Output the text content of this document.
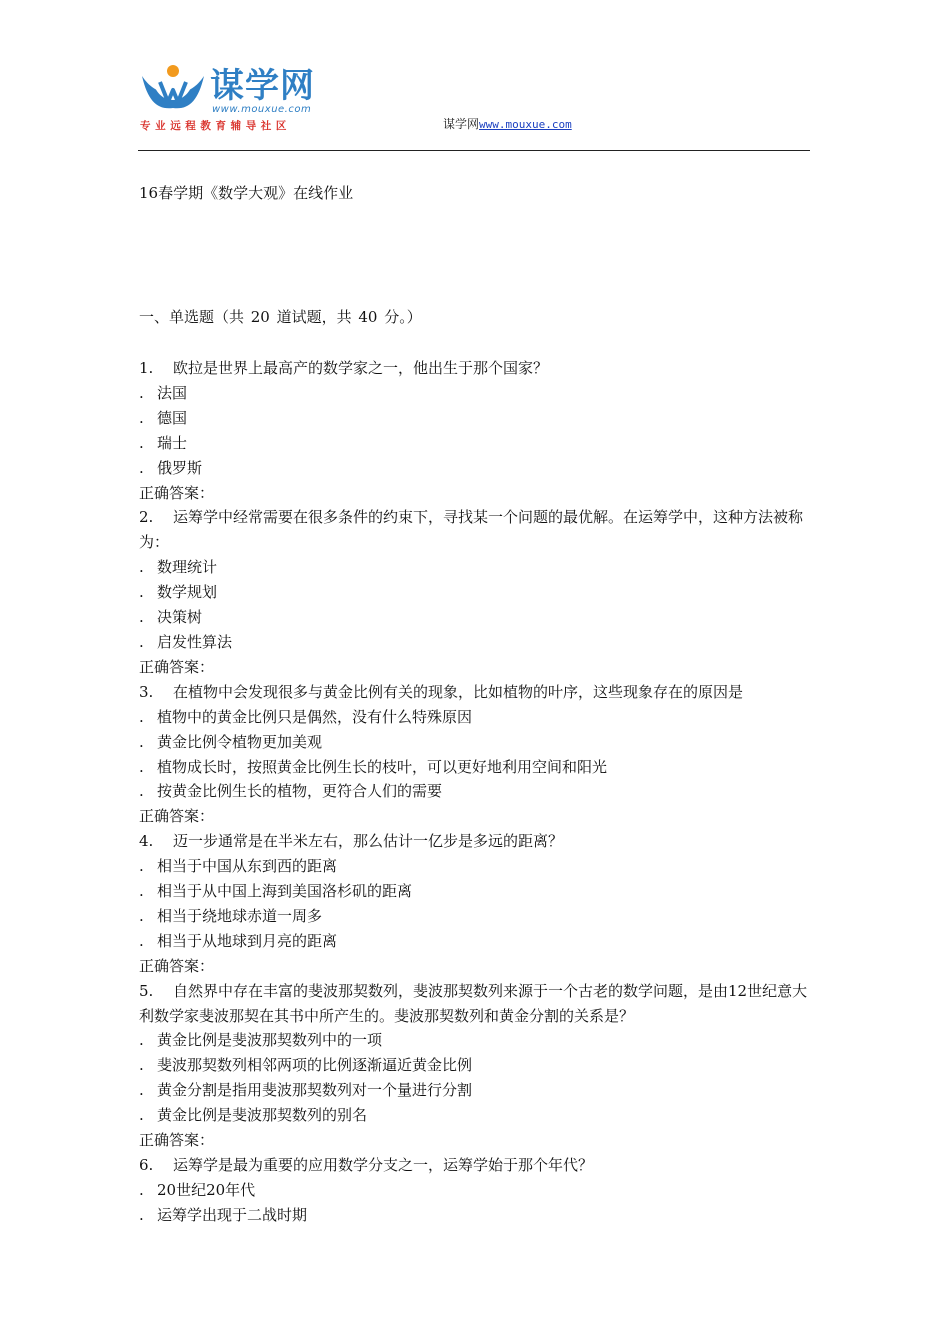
谋学网
www.mouxue.com
专业远程教育辅导社区	谋学网www.mouxue.com
16春学期《数学大观》在线作业
一、单选题（共 20 道试题，共 40 分。）
1. 欧拉是世界上最高产的数学家之一，他出生于那个国家？
. 法国
. 德国
. 瑞士
. 俄罗斯
正确答案：
2. 运筹学中经常需要在很多条件的约束下，寻找某一个问题的最优解。在运筹学中，这种方法被称为：
. 数理统计
. 数学规划
. 决策树
. 启发性算法
正确答案：
3. 在植物中会发现很多与黄金比例有关的现象，比如植物的叶序，这些现象存在的原因是
. 植物中的黄金比例只是偶然，没有什么特殊原因
. 黄金比例令植物更加美观
. 植物成长时，按照黄金比例生长的枝叶，可以更好地利用空间和阳光
. 按黄金比例生长的植物，更符合人们的需要
正确答案：
4. 迈一步通常是在半米左右，那么估计一亿步是多远的距离？
. 相当于中国从东到西的距离
. 相当于从中国上海到美国洛杉矶的距离
. 相当于绕地球赤道一周多
. 相当于从地球到月亮的距离
正确答案：
5. 自然界中存在丰富的斐波那契数列，斐波那契数列来源于一个古老的数学问题，是由12世纪意大利数学家斐波那契在其书中所产生的。斐波那契数列和黄金分割的关系是？
. 黄金比例是斐波那契数列中的一项
. 斐波那契数列相邻两项的比例逐渐逼近黄金比例
. 黄金分割是指用斐波那契数列对一个量进行分割
. 黄金比例是斐波那契数列的别名
正确答案：
6. 运筹学是最为重要的应用数学分支之一，运筹学始于那个年代？
. 20世纪20年代
. 运筹学出现于二战时期
